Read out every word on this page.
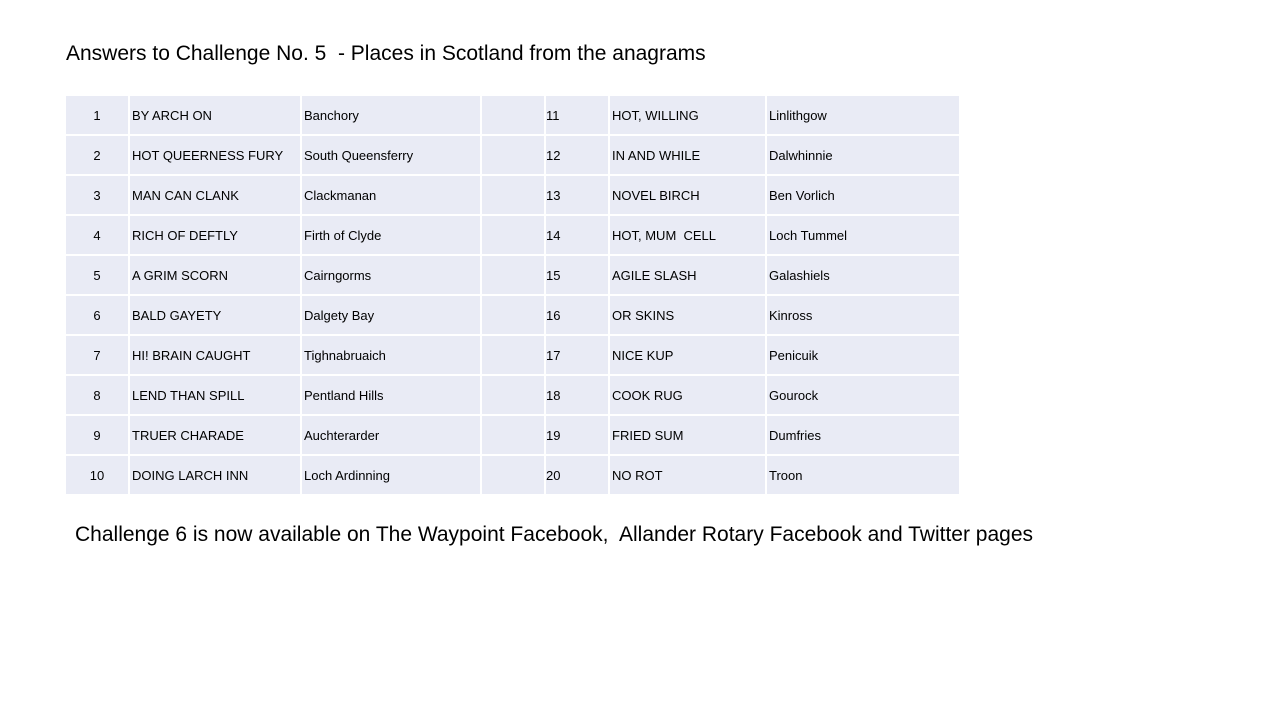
Answers to Challenge No. 5  - Places in Scotland from the anagrams
1	BY ARCH ON	Banchory		11	HOT, WILLING	Linlithgow
2	HOT QUEERNESS FURY	South Queensferry		12	IN AND WHILE	Dalwhinnie
3	MAN CAN CLANK	Clackmanan		13	NOVEL BIRCH	Ben Vorlich
4	RICH OF DEFTLY	Firth of Clyde		14	HOT, MUM  CELL	Loch Tummel
5	A GRIM SCORN	Cairngorms		15	AGILE SLASH	Galashiels
6	BALD GAYETY	Dalgety Bay		16	OR SKINS	Kinross
7	HI! BRAIN CAUGHT	Tighnabruaich		17	NICE KUP	Penicuik
8	LEND THAN SPILL	Pentland Hills		18	COOK RUG	Gourock
9	TRUER CHARADE	Auchterarder		19	FRIED SUM	Dumfries
10	DOING LARCH INN	Loch Ardinning		20	NO ROT	Troon
Challenge 6 is now available on The Waypoint Facebook,  Allander Rotary Facebook and Twitter pages
